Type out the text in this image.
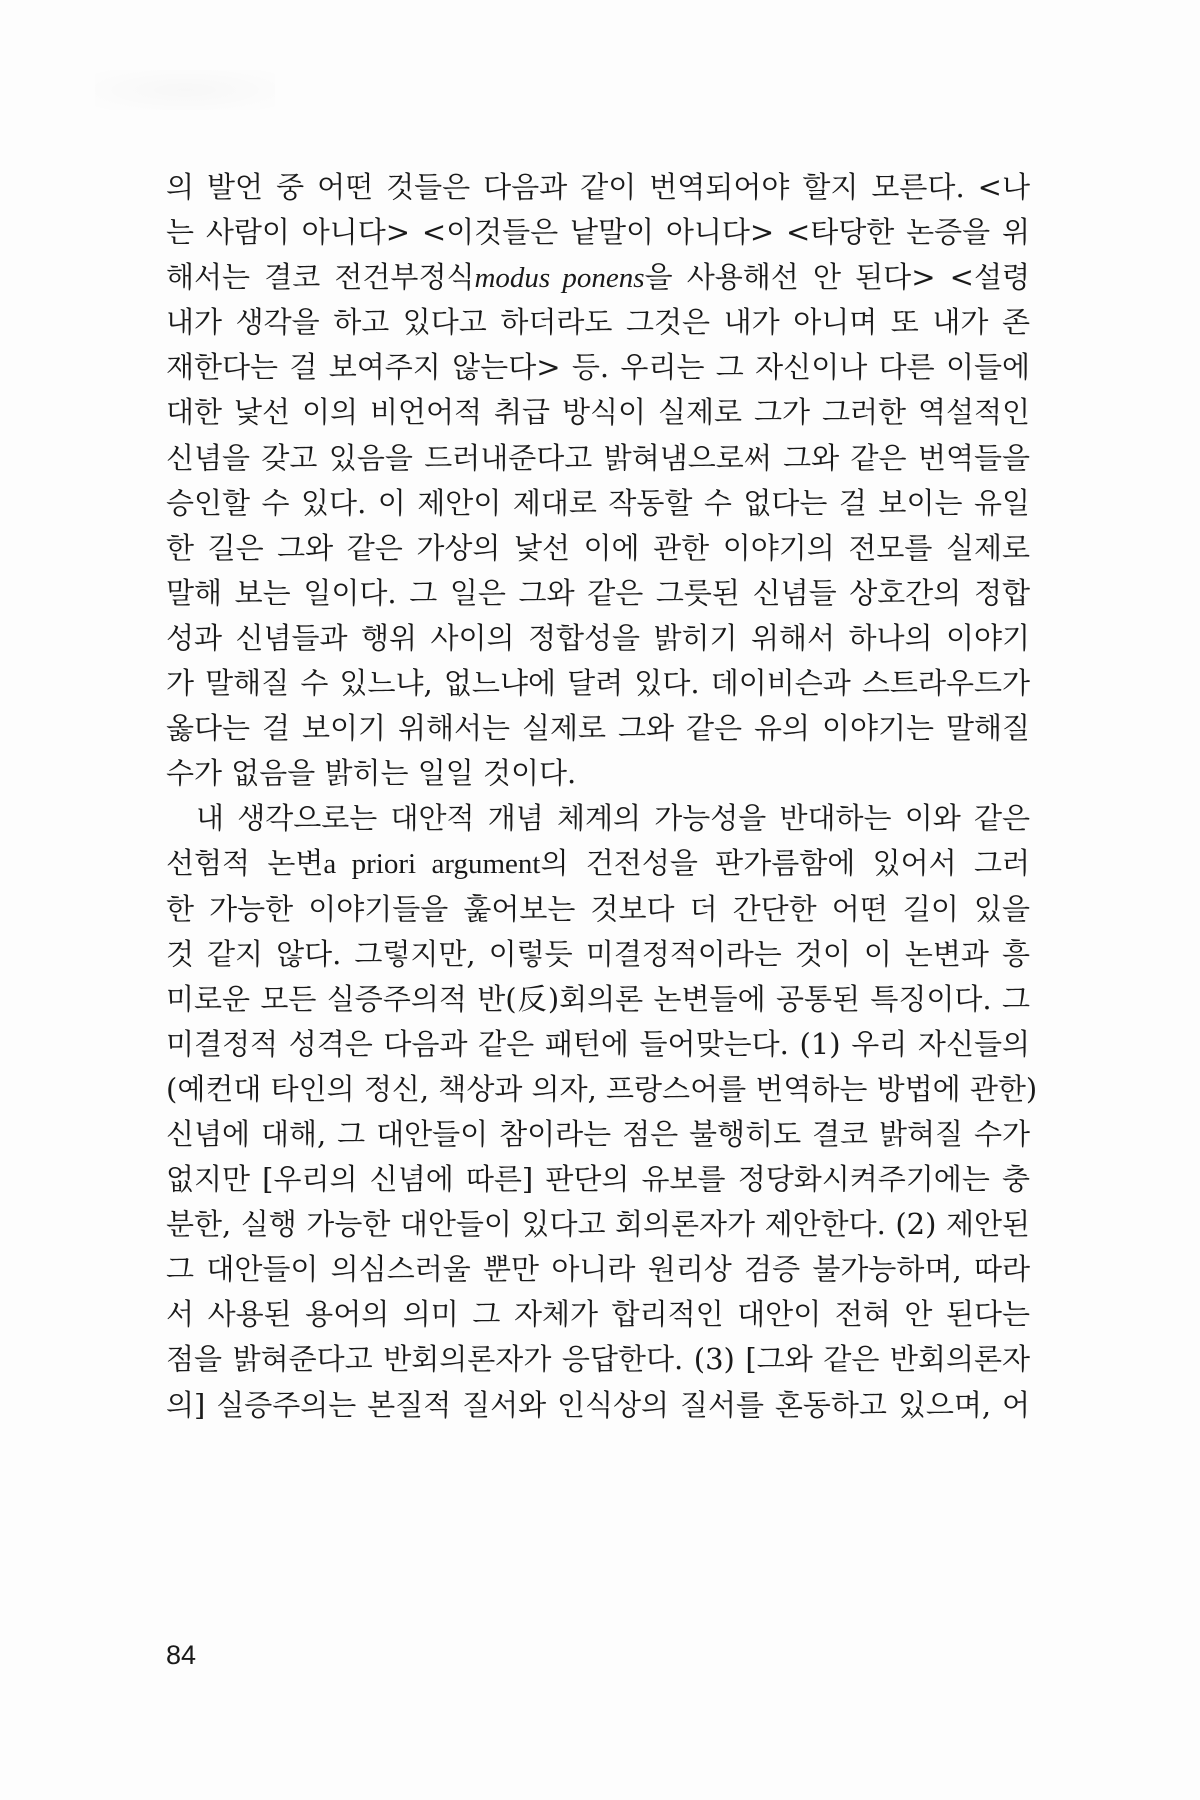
의 발언 중 어떤 것들은 다음과 같이 번역되어야 할지 모른다. <나
는 사람이 아니다> <이것들은 낱말이 아니다> <타당한 논증을 위
해서는 결코 전건부정식modus ponens을 사용해선 안 된다> <설령
내가 생각을 하고 있다고 하더라도 그것은 내가 아니며 또 내가 존
재한다는 걸 보여주지 않는다> 등. 우리는 그 자신이나 다른 이들에
대한 낯선 이의 비언어적 취급 방식이 실제로 그가 그러한 역설적인
신념을 갖고 있음을 드러내준다고 밝혀냄으로써 그와 같은 번역들을
승인할 수 있다. 이 제안이 제대로 작동할 수 없다는 걸 보이는 유일
한 길은 그와 같은 가상의 낯선 이에 관한 이야기의 전모를 실제로
말해 보는 일이다. 그 일은 그와 같은 그릇된 신념들 상호간의 정합
성과 신념들과 행위 사이의 정합성을 밝히기 위해서 하나의 이야기
가 말해질 수 있느냐, 없느냐에 달려 있다. 데이비슨과 스트라우드가
옳다는 걸 보이기 위해서는 실제로 그와 같은 유의 이야기는 말해질
수가 없음을 밝히는 일일 것이다.
내 생각으로는 대안적 개념 체계의 가능성을 반대하는 이와 같은
선험적 논변a priori argument의 건전성을 판가름함에 있어서 그러
한 가능한 이야기들을 훑어보는 것보다 더 간단한 어떤 길이 있을
것 같지 않다. 그렇지만, 이렇듯 미결정적이라는 것이 이 논변과 흥
미로운 모든 실증주의적 반(反)회의론 논변들에 공통된 특징이다. 그
미결정적 성격은 다음과 같은 패턴에 들어맞는다. (1) 우리 자신들의
(예컨대 타인의 정신, 책상과 의자, 프랑스어를 번역하는 방법에 관한)
신념에 대해, 그 대안들이 참이라는 점은 불행히도 결코 밝혀질 수가
없지만 [우리의 신념에 따른] 판단의 유보를 정당화시켜주기에는 충
분한, 실행 가능한 대안들이 있다고 회의론자가 제안한다. (2) 제안된
그 대안들이 의심스러울 뿐만 아니라 원리상 검증 불가능하며, 따라
서 사용된 용어의 의미 그 자체가 합리적인 대안이 전혀 안 된다는
점을 밝혀준다고 반회의론자가 응답한다. (3) [그와 같은 반회의론자
의] 실증주의는 본질적 질서와 인식상의 질서를 혼동하고 있으며, 어
84
